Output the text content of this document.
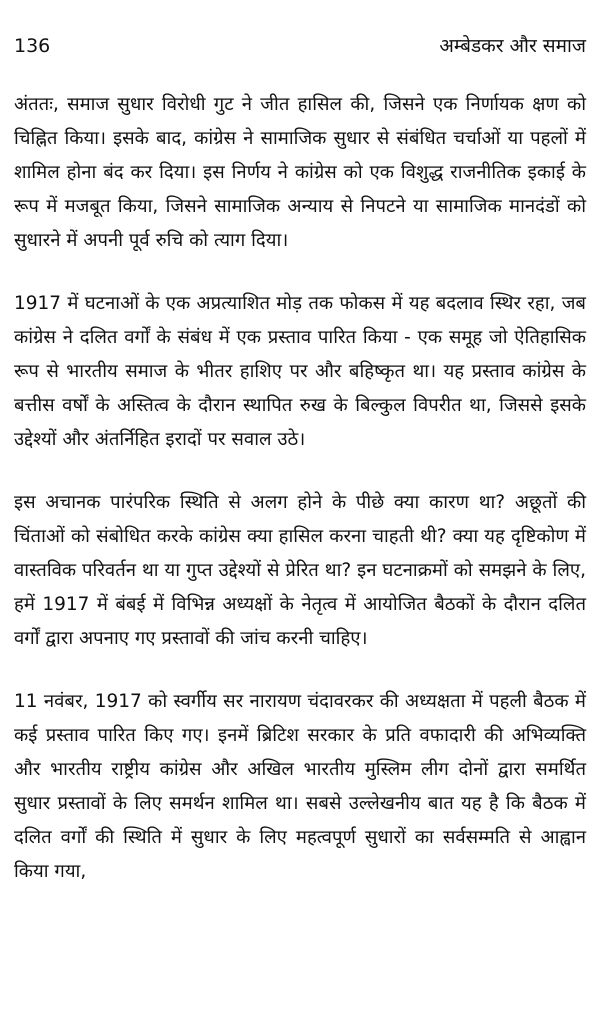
136	अम्बेडकर और समाज

अंततः, समाज सुधार विरोधी गुट ने जीत हासिल की, जिसने एक निर्णायक क्षण को चिह्नित किया। इसके बाद, कांग्रेस ने सामाजिक सुधार से संबंधित चर्चाओं या पहलों में शामिल होना बंद कर दिया। इस निर्णय ने कांग्रेस को एक विशुद्ध राजनीतिक इकाई के रूप में मजबूत किया, जिसने सामाजिक अन्याय से निपटने या सामाजिक मानदंडों को सुधारने में अपनी पूर्व रुचि को त्याग दिया।

1917 में घटनाओं के एक अप्रत्याशित मोड़ तक फोकस में यह बदलाव स्थिर रहा, जब कांग्रेस ने दलित वर्गों के संबंध में एक प्रस्ताव पारित किया - एक समूह जो ऐतिहासिक रूप से भारतीय समाज के भीतर हाशिए पर और बहिष्कृत था। यह प्रस्ताव कांग्रेस के बत्तीस वर्षों के अस्तित्व के दौरान स्थापित रुख के बिल्कुल विपरीत था, जिससे इसके उद्देश्यों और अंतर्निहित इरादों पर सवाल उठे।

इस अचानक पारंपरिक स्थिति से अलग होने के पीछे क्या कारण था? अछूतों की चिंताओं को संबोधित करके कांग्रेस क्या हासिल करना चाहती थी? क्या यह दृष्टिकोण में वास्तविक परिवर्तन था या गुप्त उद्देश्यों से प्रेरित था? इन घटनाक्रमों को समझने के लिए, हमें 1917 में बंबई में विभिन्न अध्यक्षों के नेतृत्व में आयोजित बैठकों के दौरान दलित वर्गों द्वारा अपनाए गए प्रस्तावों की जांच करनी चाहिए।

11 नवंबर, 1917 को स्वर्गीय सर नारायण चंदावरकर की अध्यक्षता में पहली बैठक में कई प्रस्ताव पारित किए गए। इनमें ब्रिटिश सरकार के प्रति वफादारी की अभिव्यक्ति और भारतीय राष्ट्रीय कांग्रेस और अखिल भारतीय मुस्लिम लीग दोनों द्वारा समर्थित सुधार प्रस्तावों के लिए समर्थन शामिल था। सबसे उल्लेखनीय बात यह है कि बैठक में दलित वर्गों की स्थिति में सुधार के लिए महत्वपूर्ण सुधारों का सर्वसम्मति से आह्वान किया गया,
